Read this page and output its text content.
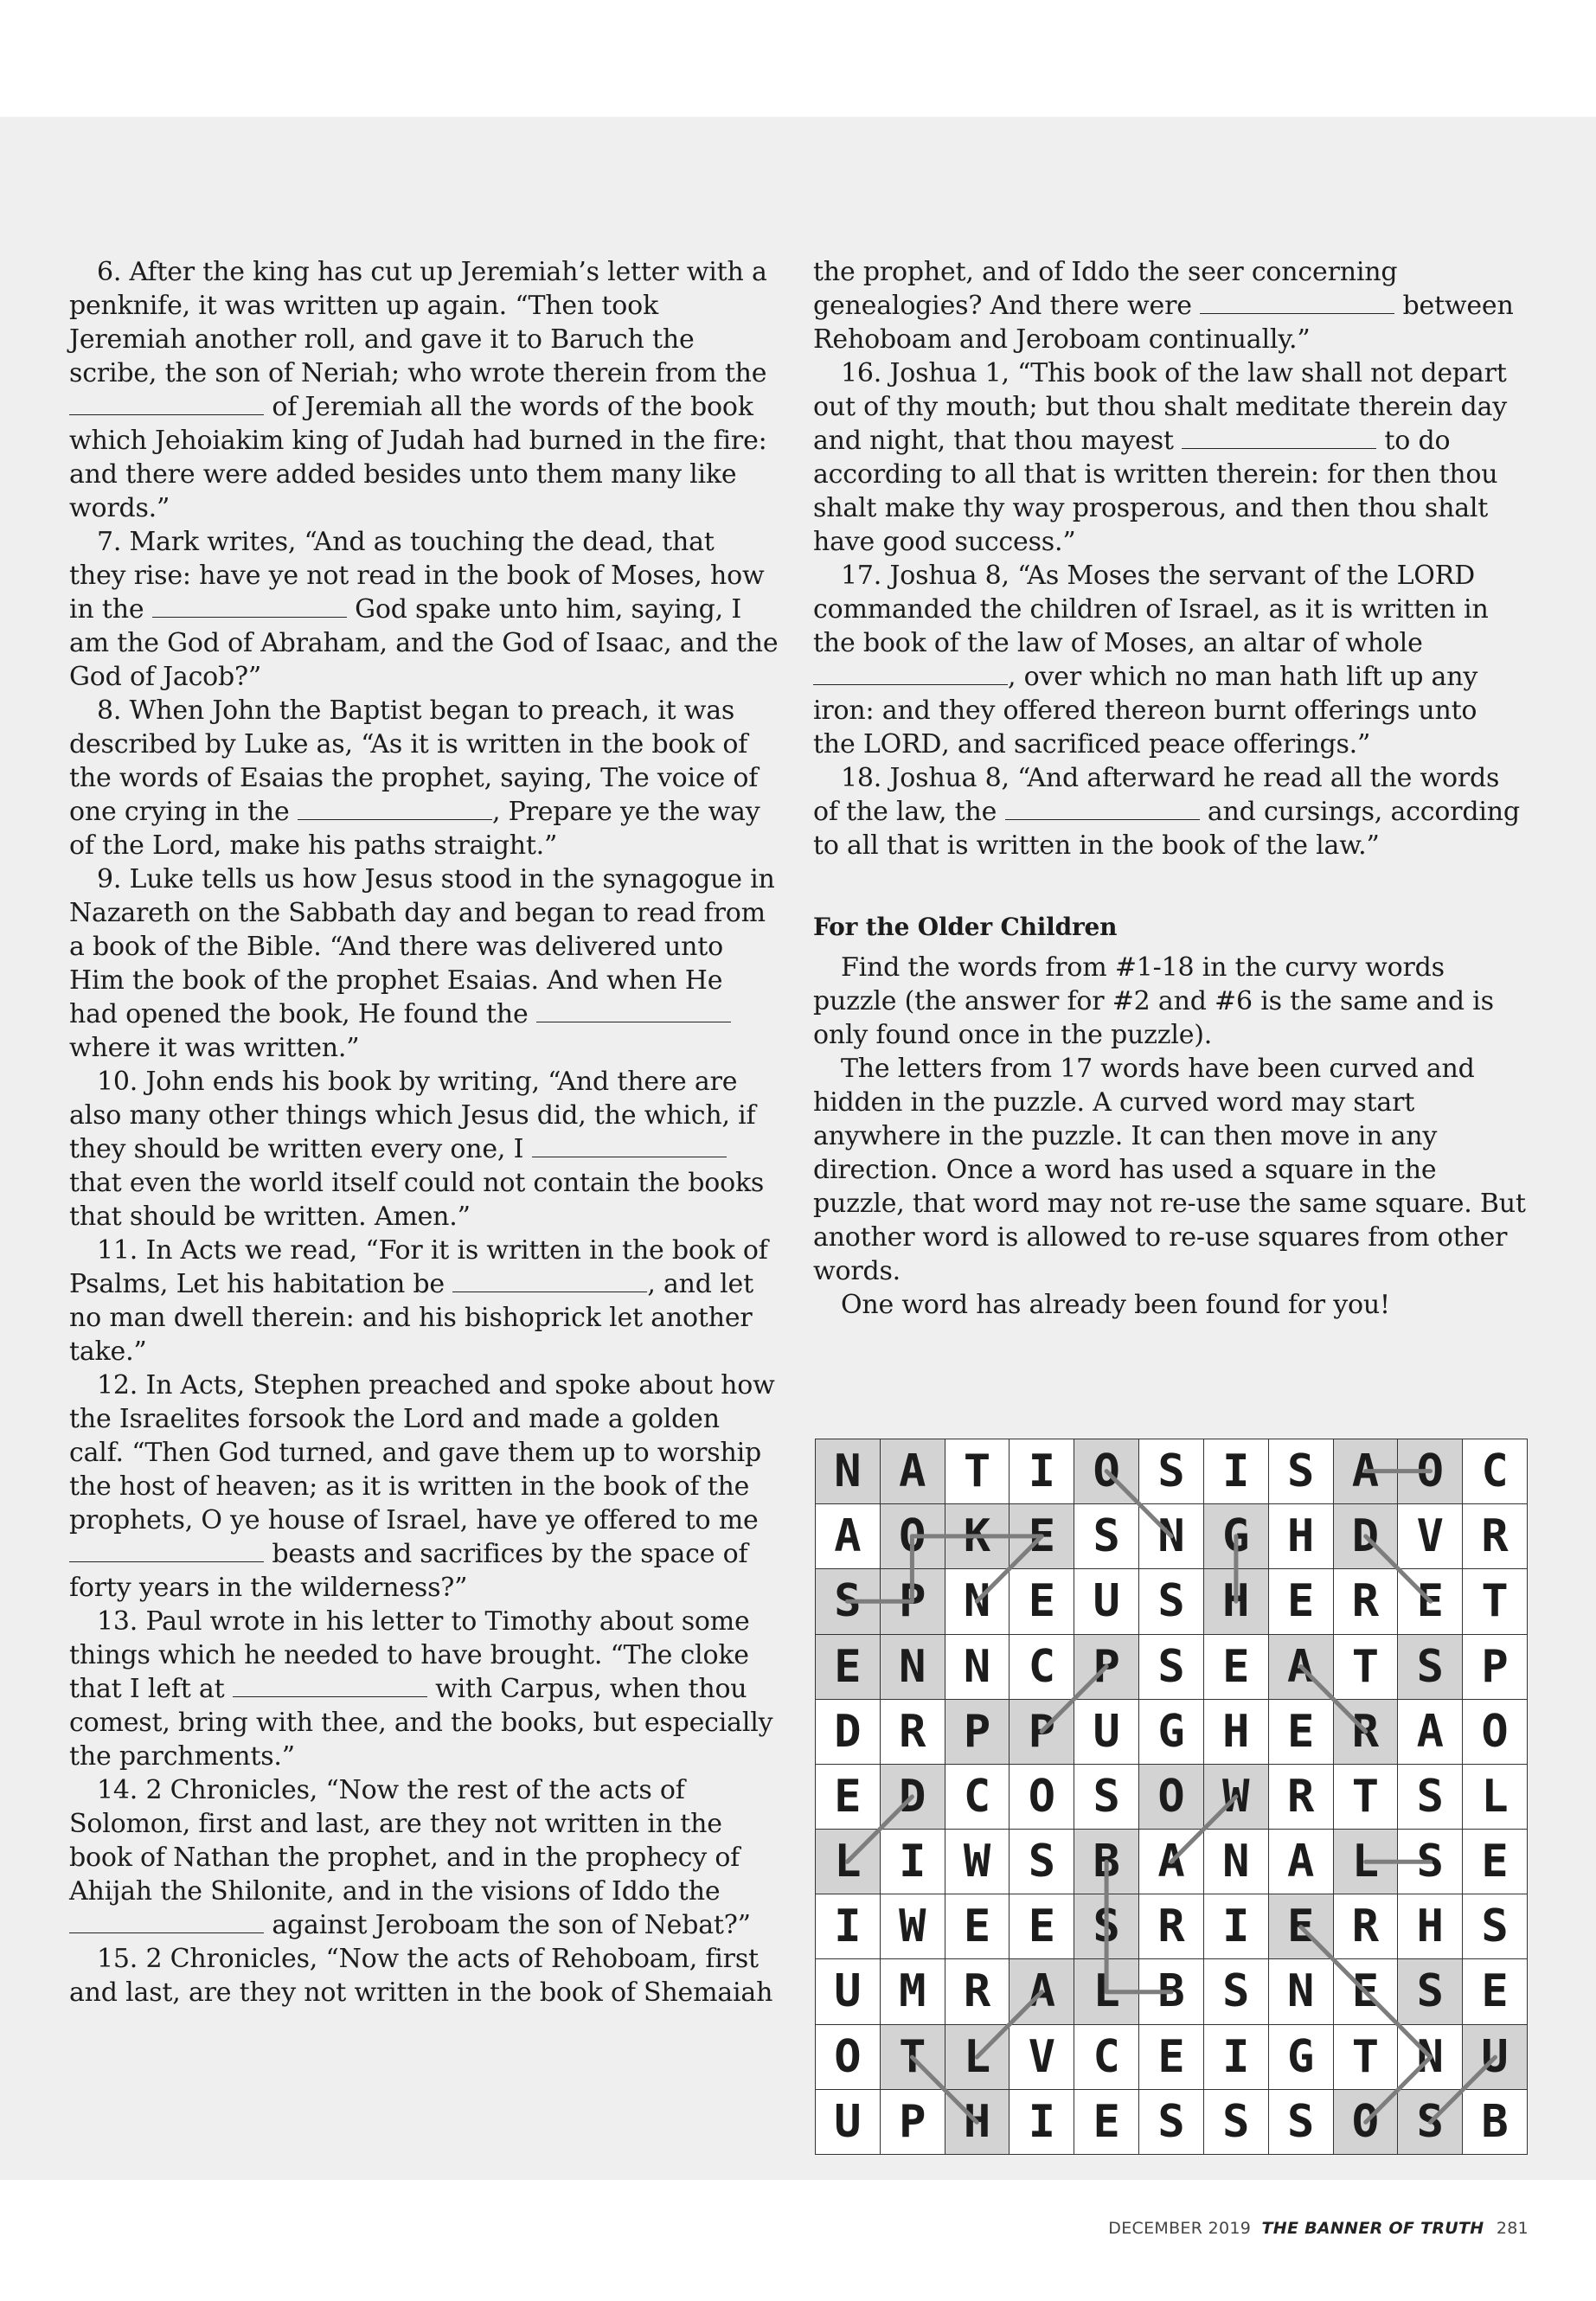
6. After the king has cut up Jeremiah’s letter with a penknife, it was written up again. “Then took Jeremiah another roll, and gave it to Baruch the scribe, the son of Neriah; who wrote therein from the  of Jeremiah all the words of the book which Jehoiakim king of Judah had burned in the fire: and there were added besides unto them many like words.”

7. Mark writes, “And as touching the dead, that they rise: have ye not read in the book of Moses, how in the	God spake unto him, saying, I am the God of Abraham, and the God of Isaac, and the God of Jacob?”

8. When John the Baptist began to preach, it was described by Luke as, “As it is written in the book of the words of Esaias the prophet, saying, The voice of one crying in the	, Prepare ye the way of the Lord, make his paths straight.”

9. Luke tells us how Jesus stood in the synagogue in Nazareth on the Sabbath day and began to read from a book of the Bible. “And there was delivered unto Him the book of the prophet Esaias. And when He had opened the book, He found the  where it was written.”

10. John ends his book by writing, “And there are also many other things which Jesus did, the which, if they should be written every one, I  that even the world itself could not contain the books that should be written. Amen.”

11. In Acts we read, “For it is written in the book of Psalms, Let his habitation be	, and let no man dwell therein: and his bishoprick let another take.”

12. In Acts, Stephen preached and spoke about how the Israelites forsook the Lord and made a golden calf. “Then God turned, and gave them up to worship the host of heaven; as it is written in the book of the prophets, O ye house of Israel, have ye offered to me  beasts and sacrifices by the space of forty years in the wilderness?”

13. Paul wrote in his letter to Timothy about some things which he needed to have brought. “The cloke that I left at	with Carpus, when thou comest, bring with thee, and the books, but especially the parchments.”

14. 2 Chronicles, “Now the rest of the acts of Solomon, first and last, are they not written in the book of Nathan the prophet, and in the prophecy of Ahijah the Shilonite, and in the visions of Iddo the  against Jeroboam the son of Nebat?”

15. 2 Chronicles, “Now the acts of Rehoboam, first and last, are they not written in the book of Shemaiah

the prophet, and of Iddo the seer concerning genealogies? And there were	between Rehoboam and Jeroboam continually.”

16. Joshua 1, “This book of the law shall not depart out of thy mouth; but thou shalt meditate therein day and night, that thou mayest	to do according to all that is written therein: for then thou shalt make thy way prosperous, and then thou shalt have good success.”

17. Joshua 8, “As Moses the servant of the LORD commanded the children of Israel, as it is written in the book of the law of Moses, an altar of whole , over which no man hath lift up any iron: and they offered thereon burnt offerings unto the LORD, and sacrificed peace offerings.”

18. Joshua 8, “And afterward he read all the words of the law, the	and cursings, according to all that is written in the book of the law.”

For the Older Children

Find the words from #1-18 in the curvy words puzzle (the answer for #2 and #6 is the same and is only found once in the puzzle).

The letters from 17 words have been curved and hidden in the puzzle. A curved word may start anywhere in the puzzle. It can then move in any direction. Once a word has used a square in the puzzle, that word may not re-use the same square. But another word is allowed to re-use squares from other words.

One word has already been found for you!

N	A	T	I	O	S	I	S	A	O	C
A	O	K	E	S	N	G	H	D	V	R
S	P	N	E	U	S	H	E	R	E	T
E	N	N	C	P	S	E	A	T	S	P
D	R	P	P	U	G	H	E	R	A	O
E	D	C	O	S	O	W	R	T	S	L
L	I	W	S	B	A	N	A	L	S	E
I	W	E	E	S	R	I	E	R	H	S
U	M	R	A	L	B	S	N	E	S	E
O	T	L	V	C	E	I	G	T	N	U
U	P	H	I	E	S	S	S	O	S	B
DECEMBER 2019 THE BANNER OF TRUTH 281
